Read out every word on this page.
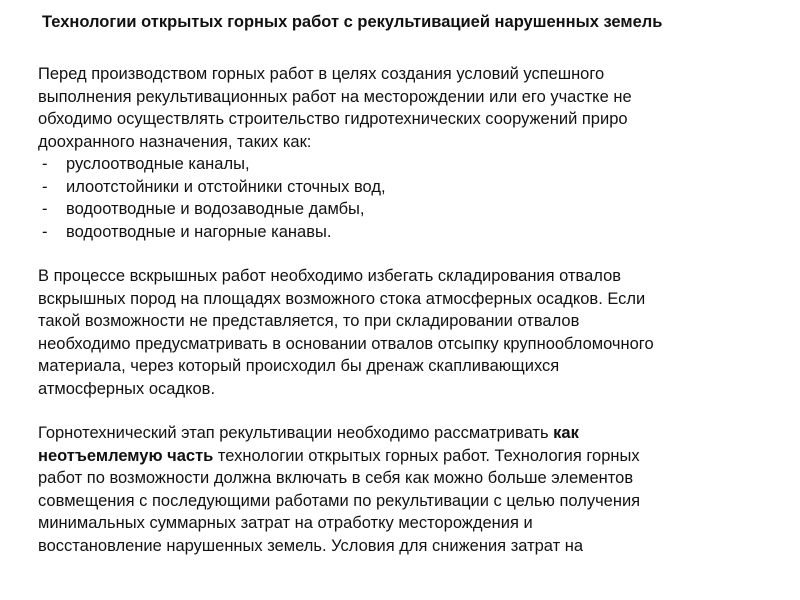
Технологии открытых горных работ с рекультивацией нарушенных земель
Перед производством горных работ в целях создания условий успешного
выполнения рекультивационных работ на месторождении или его участке не
обходимо осуществлять строительство гидротехнических сооружений приро
доохранного назначения, таких как:
- руслоотводные каналы,
- илоотстойники и отстойники сточных вод,
- водоотводные и водозаводные дамбы,
- водоотводные и нагорные канавы.
В процессе вскрышных работ необходимо избегать складирования отвалов
вскрышных пород на площадях возможного стока атмосферных осадков. Если
такой возможности не представляется, то при складировании отвалов
необходимо предусматривать в основании отвалов отсыпку крупнообломочного
материала, через который происходил бы дренаж скапливающихся
атмосферных осадков.
Горнотехнический этап рекультивации необходимо рассматривать как
неотъемлемую часть технологии открытых горных работ. Технология горных
работ по возможности должна включать в себя как можно больше элементов
совмещения с последующими работами по рекультивации с целью получения
минимальных суммарных затрат на отработку месторождения и
восстановление нарушенных земель. Условия для снижения затрат на
